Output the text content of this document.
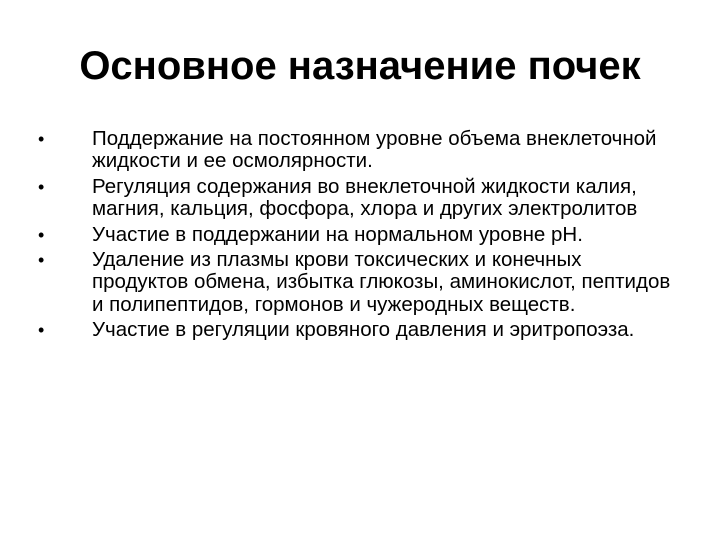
Основное назначение почек
• Поддержание на постоянном уровне объема внеклеточной жидкости и ее осмолярности.
• Регуляция содержания во внеклеточной жидкости калия, магния, кальция, фосфора, хлора и других электролитов
• Участие в поддержании на нормальном уровне рН.
• Удаление из плазмы крови токсических и конечных продуктов обмена, избытка глюкозы, аминокислот, пептидов и полипептидов, гормонов и чужеродных веществ.
• Участие в регуляции кровяного давления и эритропоэза.
